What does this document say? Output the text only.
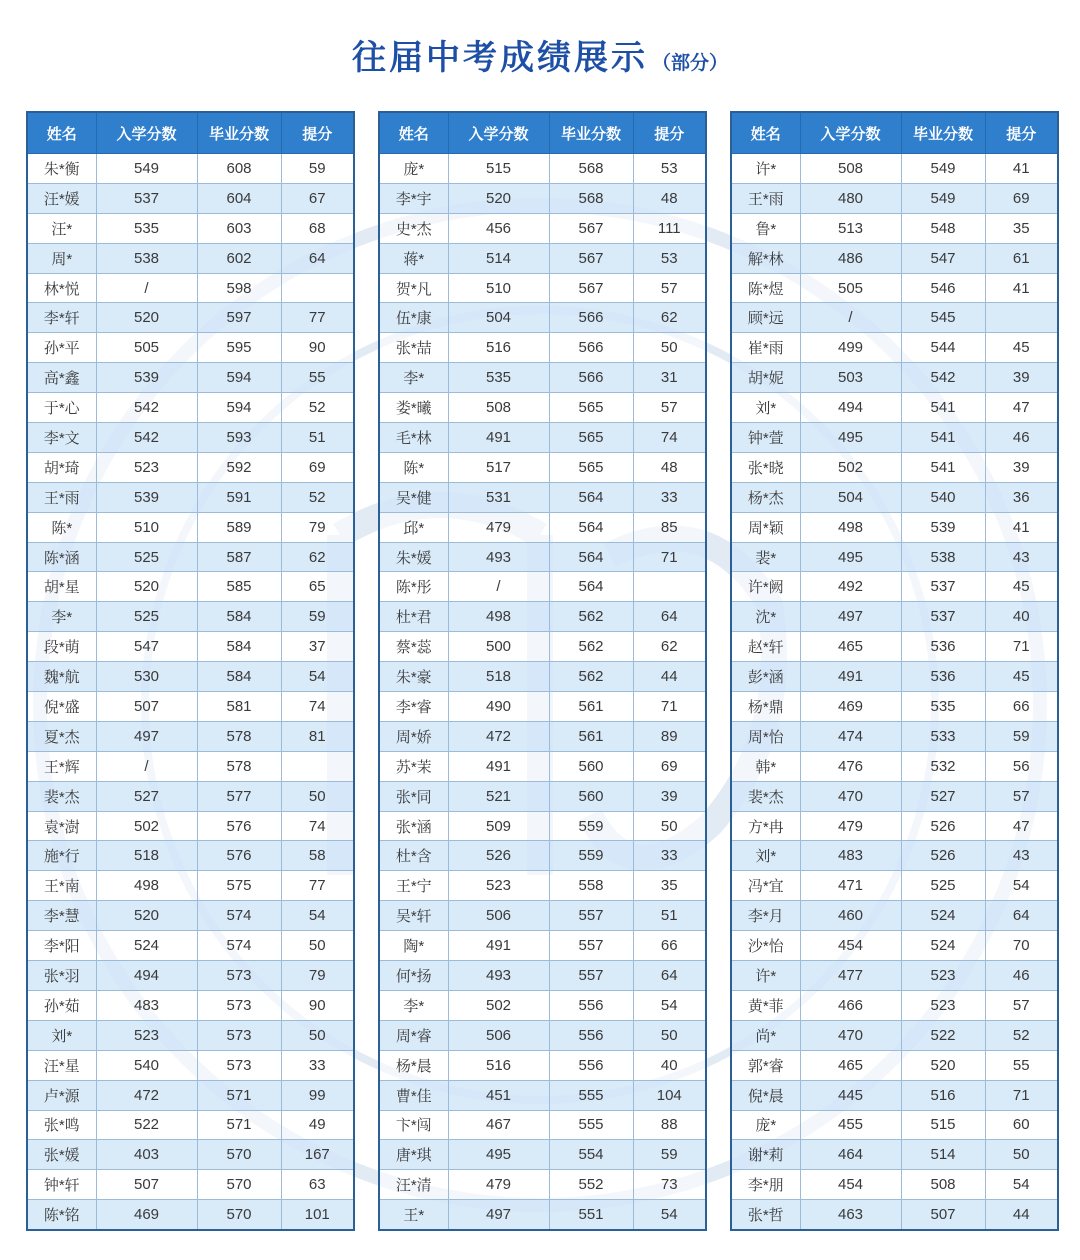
往届中考成绩展示 （部分）
姓名	入学分数	毕业分数	提分
朱*衡	549	608	59
汪*媛	537	604	67
汪*	535	603	68
周*	538	602	64
林*悦	/	598	
李*轩	520	597	77
孙*平	505	595	90
高*鑫	539	594	55
于*心	542	594	52
李*文	542	593	51
胡*琦	523	592	69
王*雨	539	591	52
陈*	510	589	79
陈*涵	525	587	62
胡*星	520	585	65
李*	525	584	59
段*萌	547	584	37
魏*航	530	584	54
倪*盛	507	581	74
夏*杰	497	578	81
王*辉	/	578	
裴*杰	527	577	50
袁*澍	502	576	74
施*行	518	576	58
王*南	498	575	77
李*慧	520	574	54
李*阳	524	574	50
张*羽	494	573	79
孙*茹	483	573	90
刘*	523	573	50
汪*星	540	573	33
卢*源	472	571	99
张*鸣	522	571	49
张*媛	403	570	167
钟*轩	507	570	63
陈*铭	469	570	101
姓名	入学分数	毕业分数	提分
庞*	515	568	53
李*宇	520	568	48
史*杰	456	567	111
蒋*	514	567	53
贺*凡	510	567	57
伍*康	504	566	62
张*喆	516	566	50
李*	535	566	31
娄*曦	508	565	57
毛*林	491	565	74
陈*	517	565	48
吴*健	531	564	33
邱*	479	564	85
朱*媛	493	564	71
陈*彤	/	564	
杜*君	498	562	64
蔡*蕊	500	562	62
朱*豪	518	562	44
李*睿	490	561	71
周*娇	472	561	89
苏*茉	491	560	69
张*同	521	560	39
张*涵	509	559	50
杜*含	526	559	33
王*宁	523	558	35
吴*轩	506	557	51
陶*	491	557	66
何*扬	493	557	64
李*	502	556	54
周*睿	506	556	50
杨*晨	516	556	40
曹*佳	451	555	104
卞*闯	467	555	88
唐*琪	495	554	59
汪*清	479	552	73
王*	497	551	54
姓名	入学分数	毕业分数	提分
许*	508	549	41
王*雨	480	549	69
鲁*	513	548	35
解*林	486	547	61
陈*煜	505	546	41
顾*远	/	545	
崔*雨	499	544	45
胡*妮	503	542	39
刘*	494	541	47
钟*萱	495	541	46
张*晓	502	541	39
杨*杰	504	540	36
周*颖	498	539	41
裴*	495	538	43
许*阙	492	537	45
沈*	497	537	40
赵*轩	465	536	71
彭*涵	491	536	45
杨*鼎	469	535	66
周*怡	474	533	59
韩*	476	532	56
裴*杰	470	527	57
方*冉	479	526	47
刘*	483	526	43
冯*宜	471	525	54
李*月	460	524	64
沙*怡	454	524	70
许*	477	523	46
黄*菲	466	523	57
尚*	470	522	52
郭*睿	465	520	55
倪*晨	445	516	71
庞*	455	515	60
谢*莉	464	514	50
李*朋	454	508	54
张*哲	463	507	44
